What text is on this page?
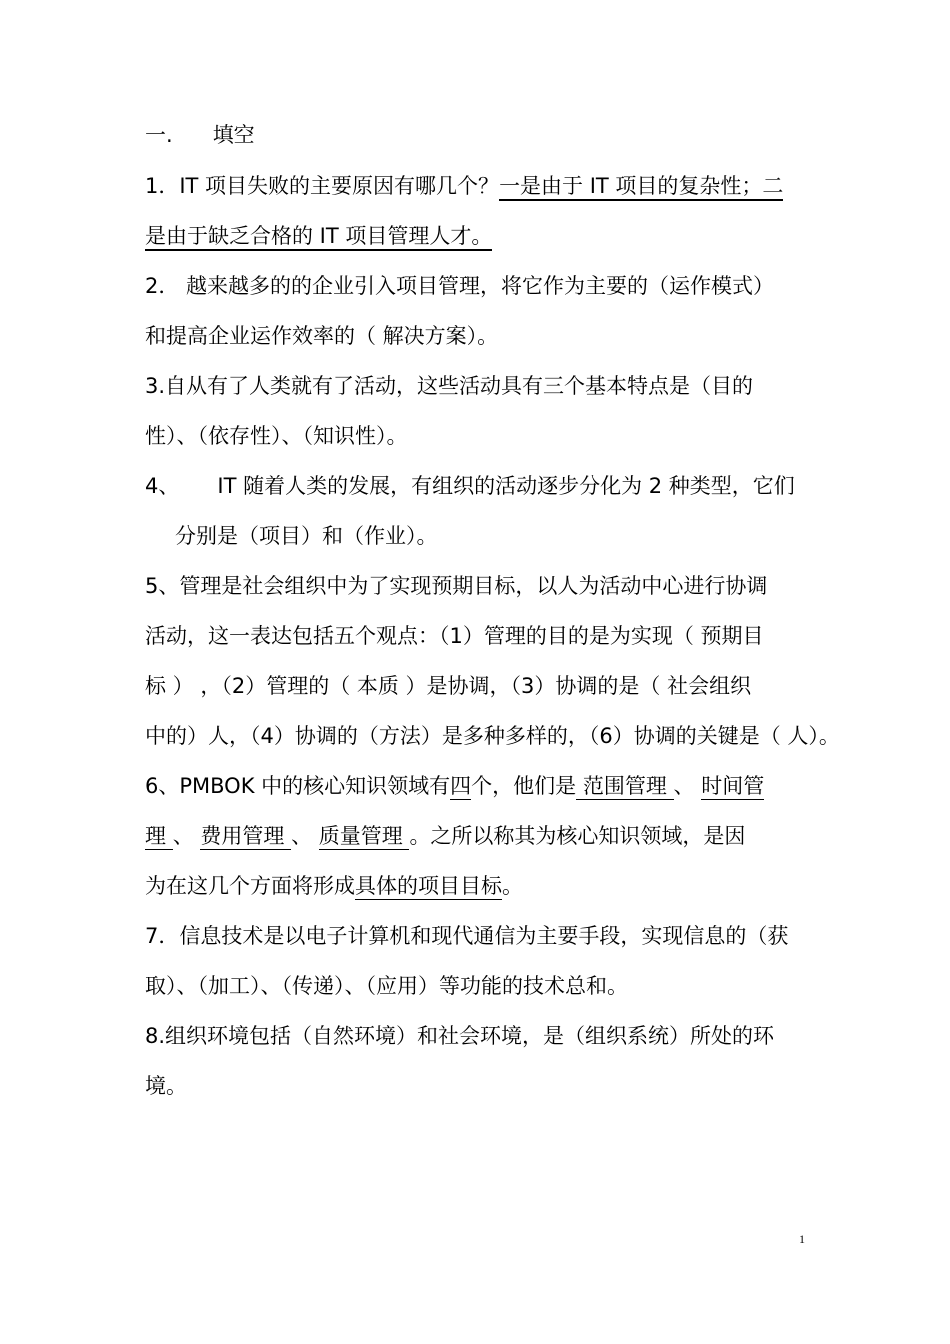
一. 填空
1．IT 项目失败的主要原因有哪几个？一是由于 IT 项目的复杂性；二
是由于缺乏合格的 IT 项目管理人才。
2． 越来越多的的企业引入项目管理，将它作为主要的（运作模式）
和提高企业运作效率的（ 解决方案）。
3.自从有了人类就有了活动，这些活动具有三个基本特点是（目的
性）、（依存性）、（知识性）。
4、 IT 随着人类的发展，有组织的活动逐步分化为 2 种类型，它们
分别是（项目）和（作业）。
5、管理是社会组织中为了实现预期目标，以人为活动中心进行协调
活动，这一表达包括五个观点：（1）管理的目的是为实现（ 预期目
标 ） ，（2）管理的（ 本质 ）是协调，（3）协调的是（ 社会组织
中的）人，（4）协调的（方法）是多种多样的，（6）协调的关键是（ 人）。
6、PMBOK 中的核心知识领域有四个，他们是 范围管理 、 时间管
理 、 费用管理 、 质量管理 。之所以称其为核心知识领域，是因
为在这几个方面将形成具体的项目目标。
7．信息技术是以电子计算机和现代通信为主要手段，实现信息的（获
取）、（加工）、（传递）、（应用）等功能的技术总和。
8.组织环境包括（自然环境）和社会环境，是（组织系统）所处的环
境。
1
